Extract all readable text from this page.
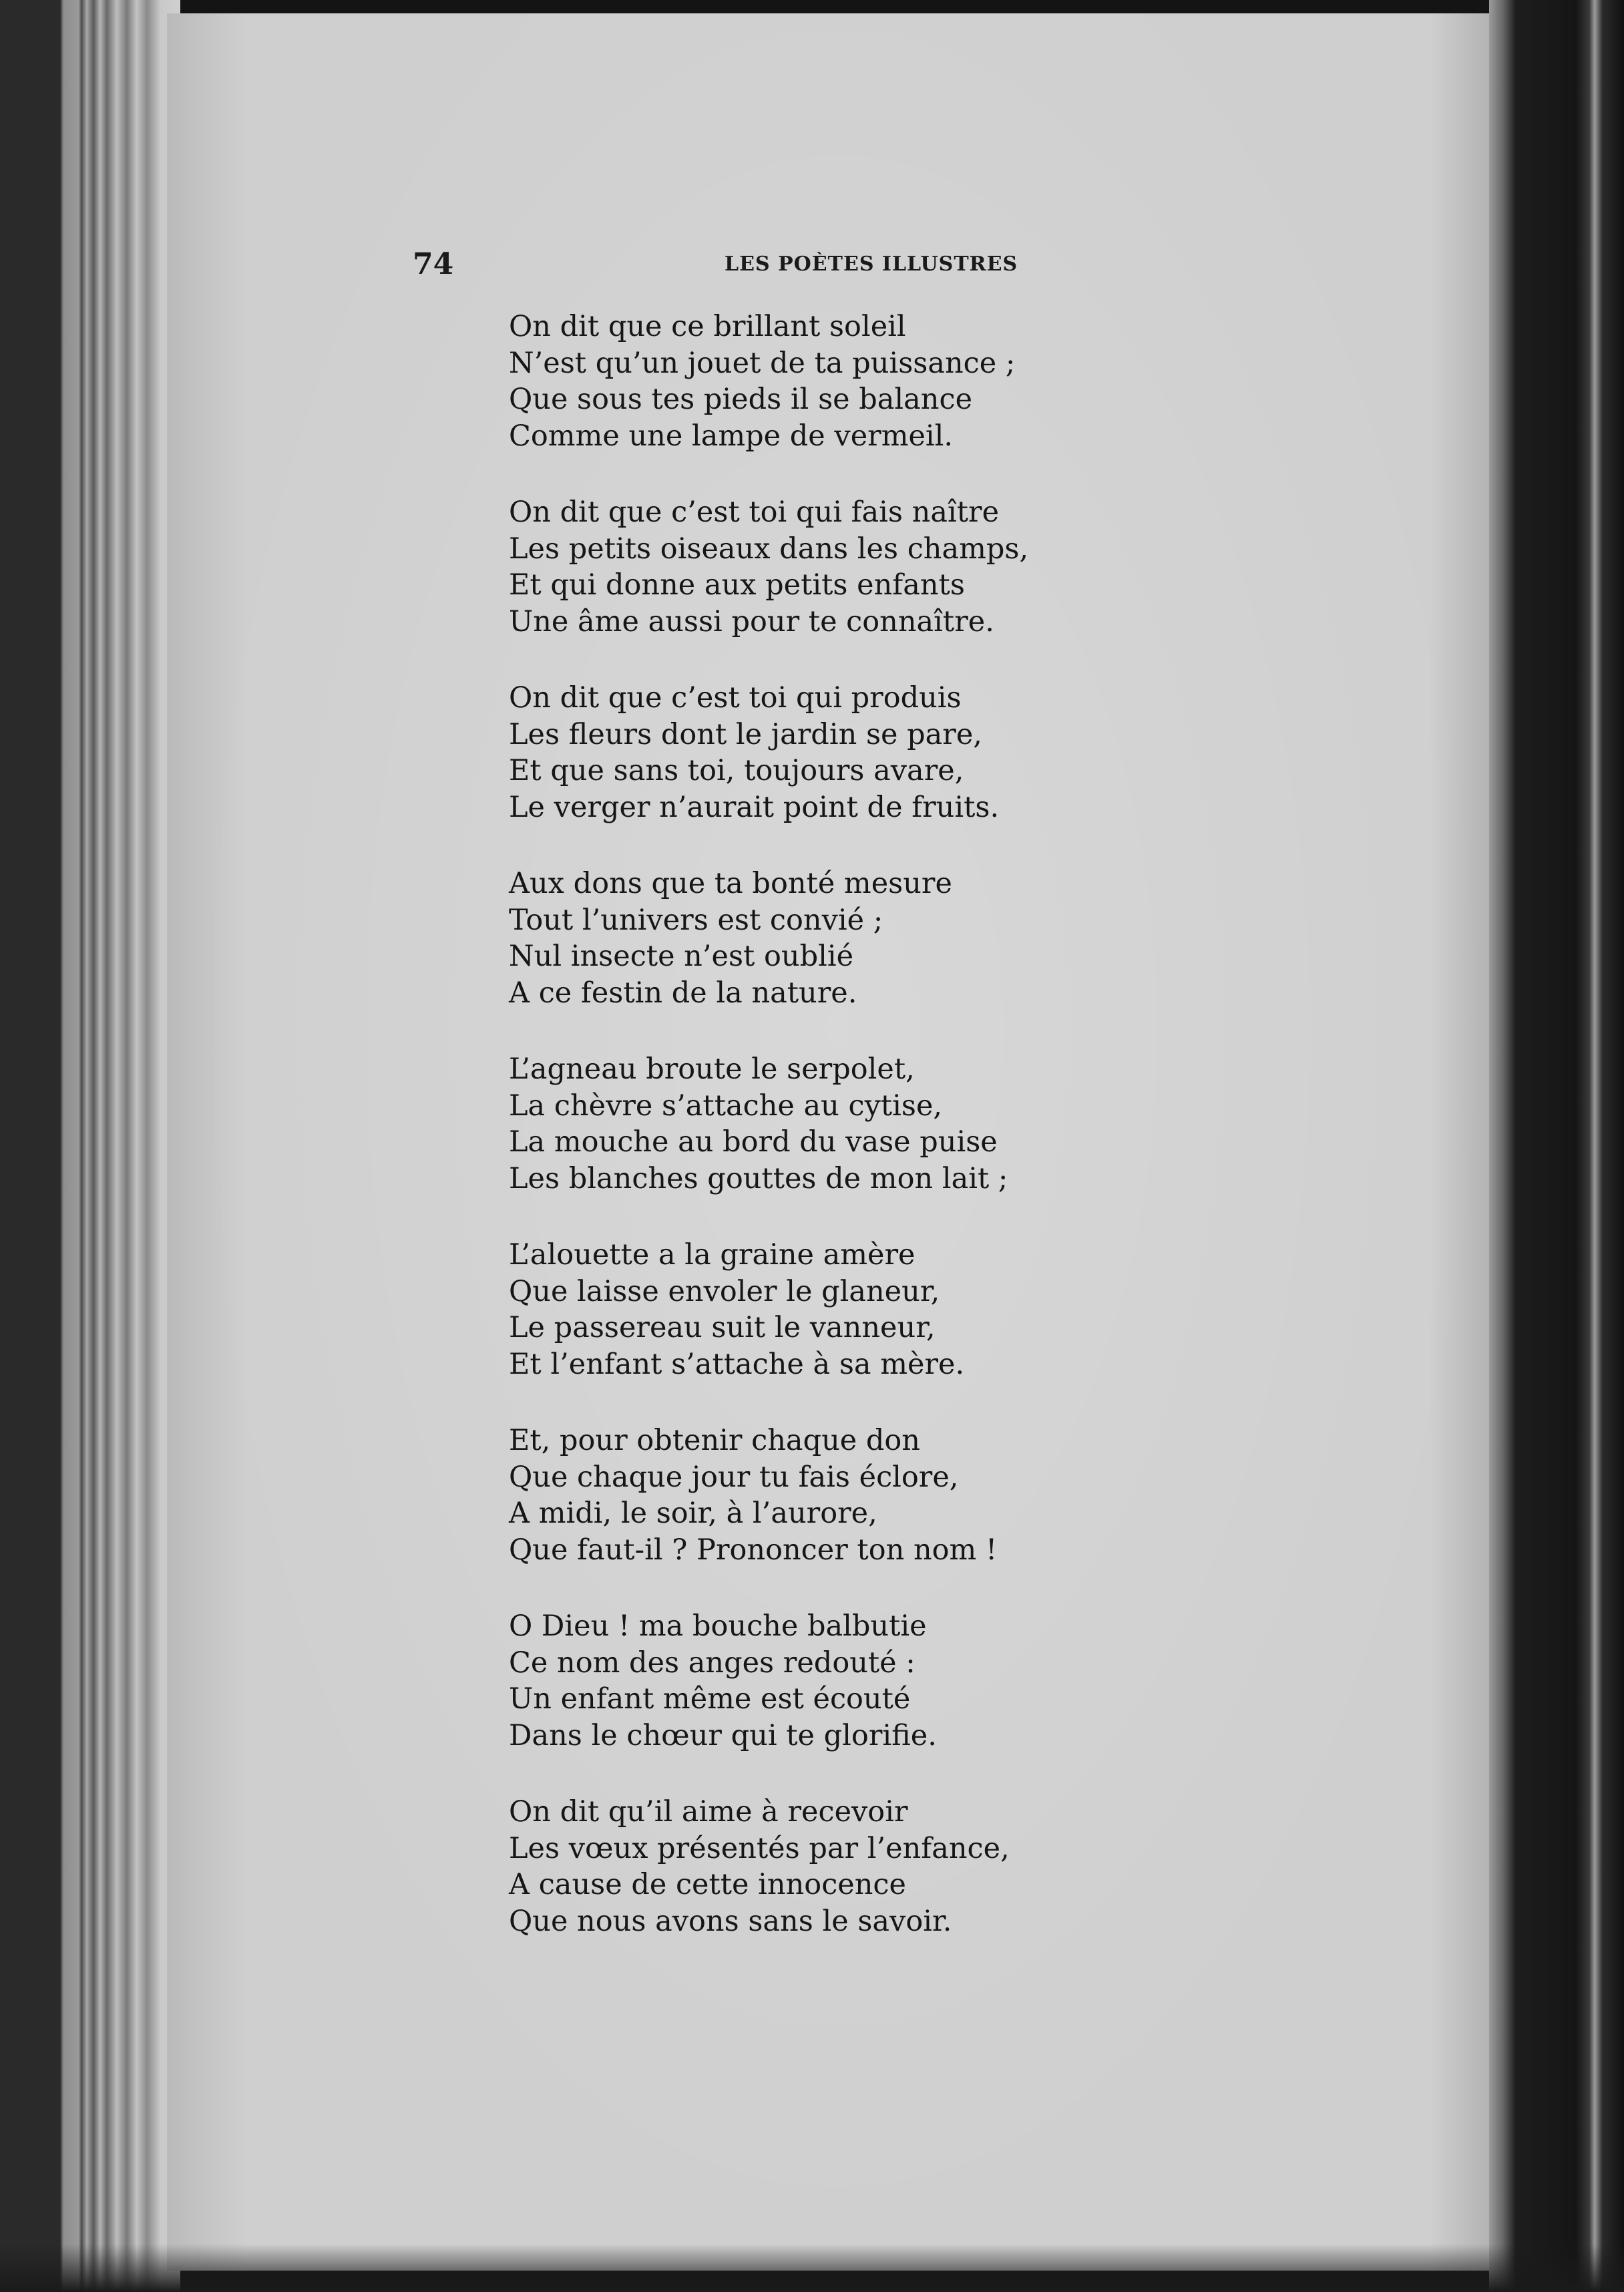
74	LES POÈTES ILLUSTRES
On dit que ce brillant soleil
N’est qu’un jouet de ta puissance ;
Que sous tes pieds il se balance
Comme une lampe de vermeil.
On dit que c’est toi qui fais naître
Les petits oiseaux dans les champs,
Et qui donne aux petits enfants
Une âme aussi pour te connaître.
On dit que c’est toi qui produis
Les fleurs dont le jardin se pare,
Et que sans toi, toujours avare,
Le verger n’aurait point de fruits.
Aux dons que ta bonté mesure
Tout l’univers est convié ;
Nul insecte n’est oublié
A ce festin de la nature.
L’agneau broute le serpolet,
La chèvre s’attache au cytise,
La mouche au bord du vase puise
Les blanches gouttes de mon lait ;
L’alouette a la graine amère
Que laisse envoler le glaneur,
Le passereau suit le vanneur,
Et l’enfant s’attache à sa mère.
Et, pour obtenir chaque don
Que chaque jour tu fais éclore,
A midi, le soir, à l’aurore,
Que faut-il ? Prononcer ton nom !
O Dieu ! ma bouche balbutie
Ce nom des anges redouté :
Un enfant même est écouté
Dans le chœur qui te glorifie.
On dit qu’il aime à recevoir
Les vœux présentés par l’enfance,
A cause de cette innocence
Que nous avons sans le savoir.
